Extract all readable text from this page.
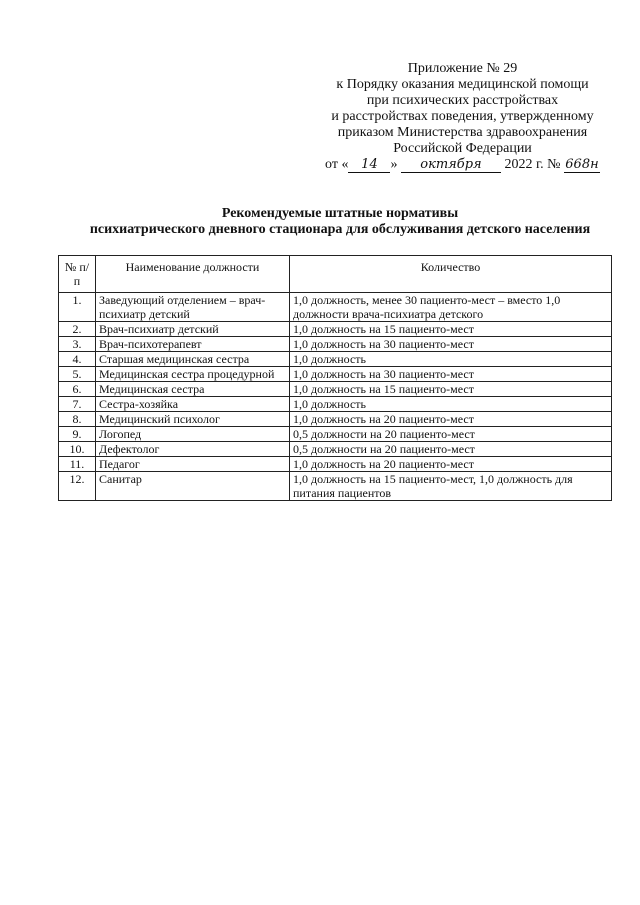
Приложение № 29
к Порядку оказания медицинской помощи
при психических расстройствах
и расстройствах поведения, утвержденному
приказом Министерства здравоохранения
Российской Федерации
от « 14 » октября 2022 г. № 668н
Рекомендуемые штатные нормативы
психиатрического дневного стационара для обслуживания детского населения
№ п/п	Наименование должности	Количество
1.	Заведующий отделением – врач-психиатр детский	1,0 должность, менее 30 пациенто-мест – вместо 1,0 должности врача-психиатра детского
2.	Врач-психиатр детский	1,0 должность на 15 пациенто-мест
3.	Врач-психотерапевт	1,0 должность на 30 пациенто-мест
4.	Старшая медицинская сестра	1,0 должность
5.	Медицинская сестра процедурной	1,0 должность на 30 пациенто-мест
6.	Медицинская сестра	1,0 должность на 15 пациенто-мест
7.	Сестра-хозяйка	1,0 должность
8.	Медицинский психолог	1,0 должность на 20 пациенто-мест
9.	Логопед	0,5 должности на 20 пациенто-мест
10.	Дефектолог	0,5 должности на 20 пациенто-мест
11.	Педагог	1,0 должность на 20 пациенто-мест
12.	Санитар	1,0 должность на 15 пациенто-мест, 1,0 должность для питания пациентов
